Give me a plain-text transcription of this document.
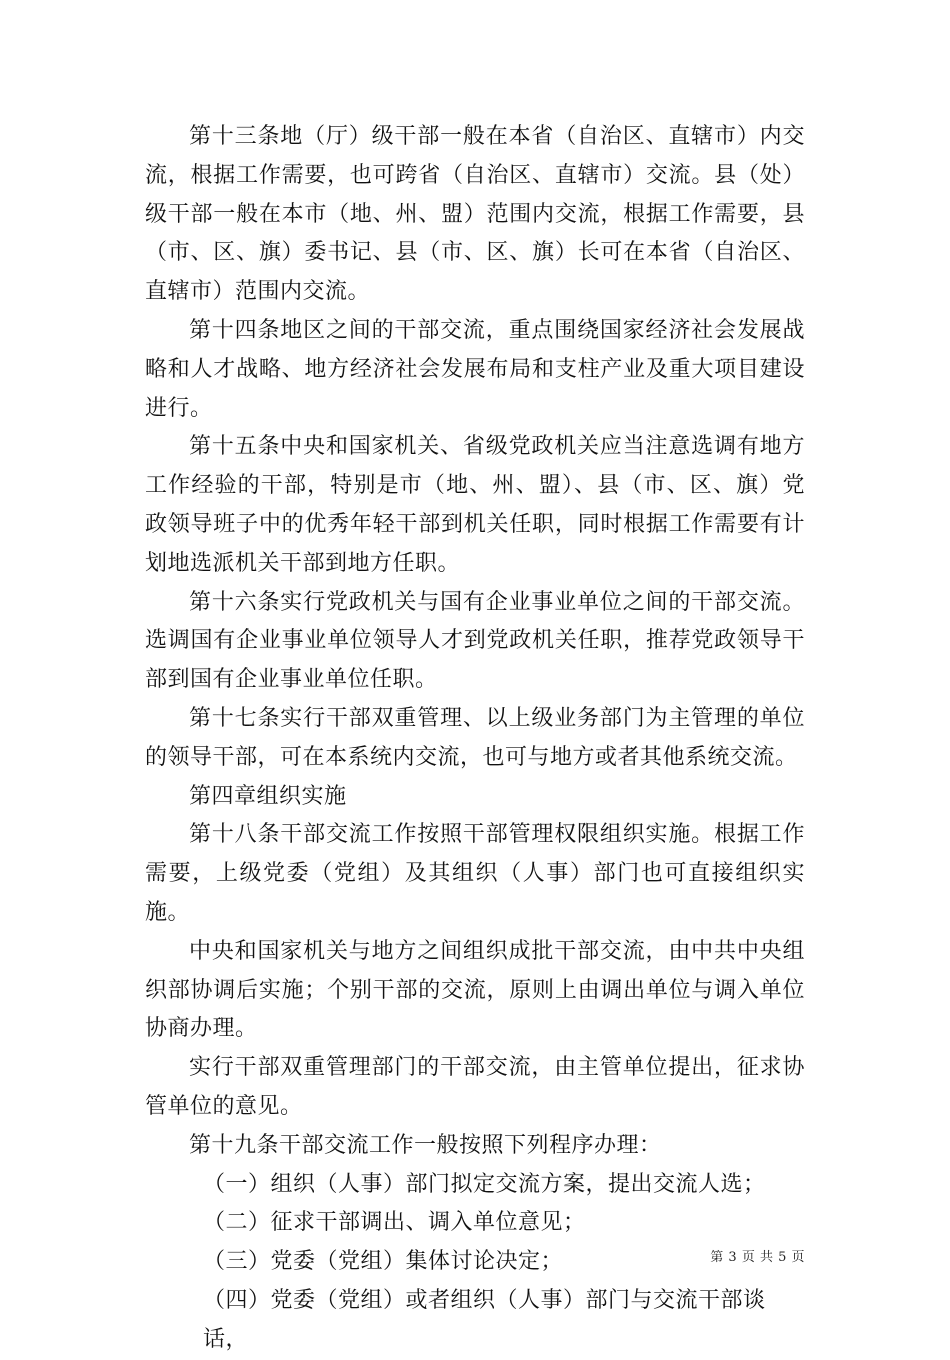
第十三条地（厅）级干部一般在本省（自治区、直辖市）内交流，根据工作需要，也可跨省（自治区、直辖市）交流。县（处）级干部一般在本市（地、州、盟）范围内交流，根据工作需要，县（市、区、旗）委书记、县（市、区、旗）长可在本省（自治区、直辖市）范围内交流。

第十四条地区之间的干部交流，重点围绕国家经济社会发展战略和人才战略、地方经济社会发展布局和支柱产业及重大项目建设进行。

第十五条中央和国家机关、省级党政机关应当注意选调有地方工作经验的干部，特别是市（地、州、盟）、县（市、区、旗）党政领导班子中的优秀年轻干部到机关任职，同时根据工作需要有计划地选派机关干部到地方任职。

第十六条实行党政机关与国有企业事业单位之间的干部交流。选调国有企业事业单位领导人才到党政机关任职，推荐党政领导干部到国有企业事业单位任职。

第十七条实行干部双重管理、以上级业务部门为主管理的单位的领导干部，可在本系统内交流，也可与地方或者其他系统交流。

第四章组织实施

第十八条干部交流工作按照干部管理权限组织实施。根据工作需要，上级党委（党组）及其组织（人事）部门也可直接组织实施。

中央和国家机关与地方之间组织成批干部交流，由中共中央组织部协调后实施；个别干部的交流，原则上由调出单位与调入单位协商办理。

实行干部双重管理部门的干部交流，由主管单位提出，征求协管单位的意见。

第十九条干部交流工作一般按照下列程序办理：

（一）组织（人事）部门拟定交流方案，提出交流人选；

（二）征求干部调出、调入单位意见；

（三）党委（党组）集体讨论决定；

（四）党委（党组）或者组织（人事）部门与交流干部谈话，

第 3 页 共 5 页
